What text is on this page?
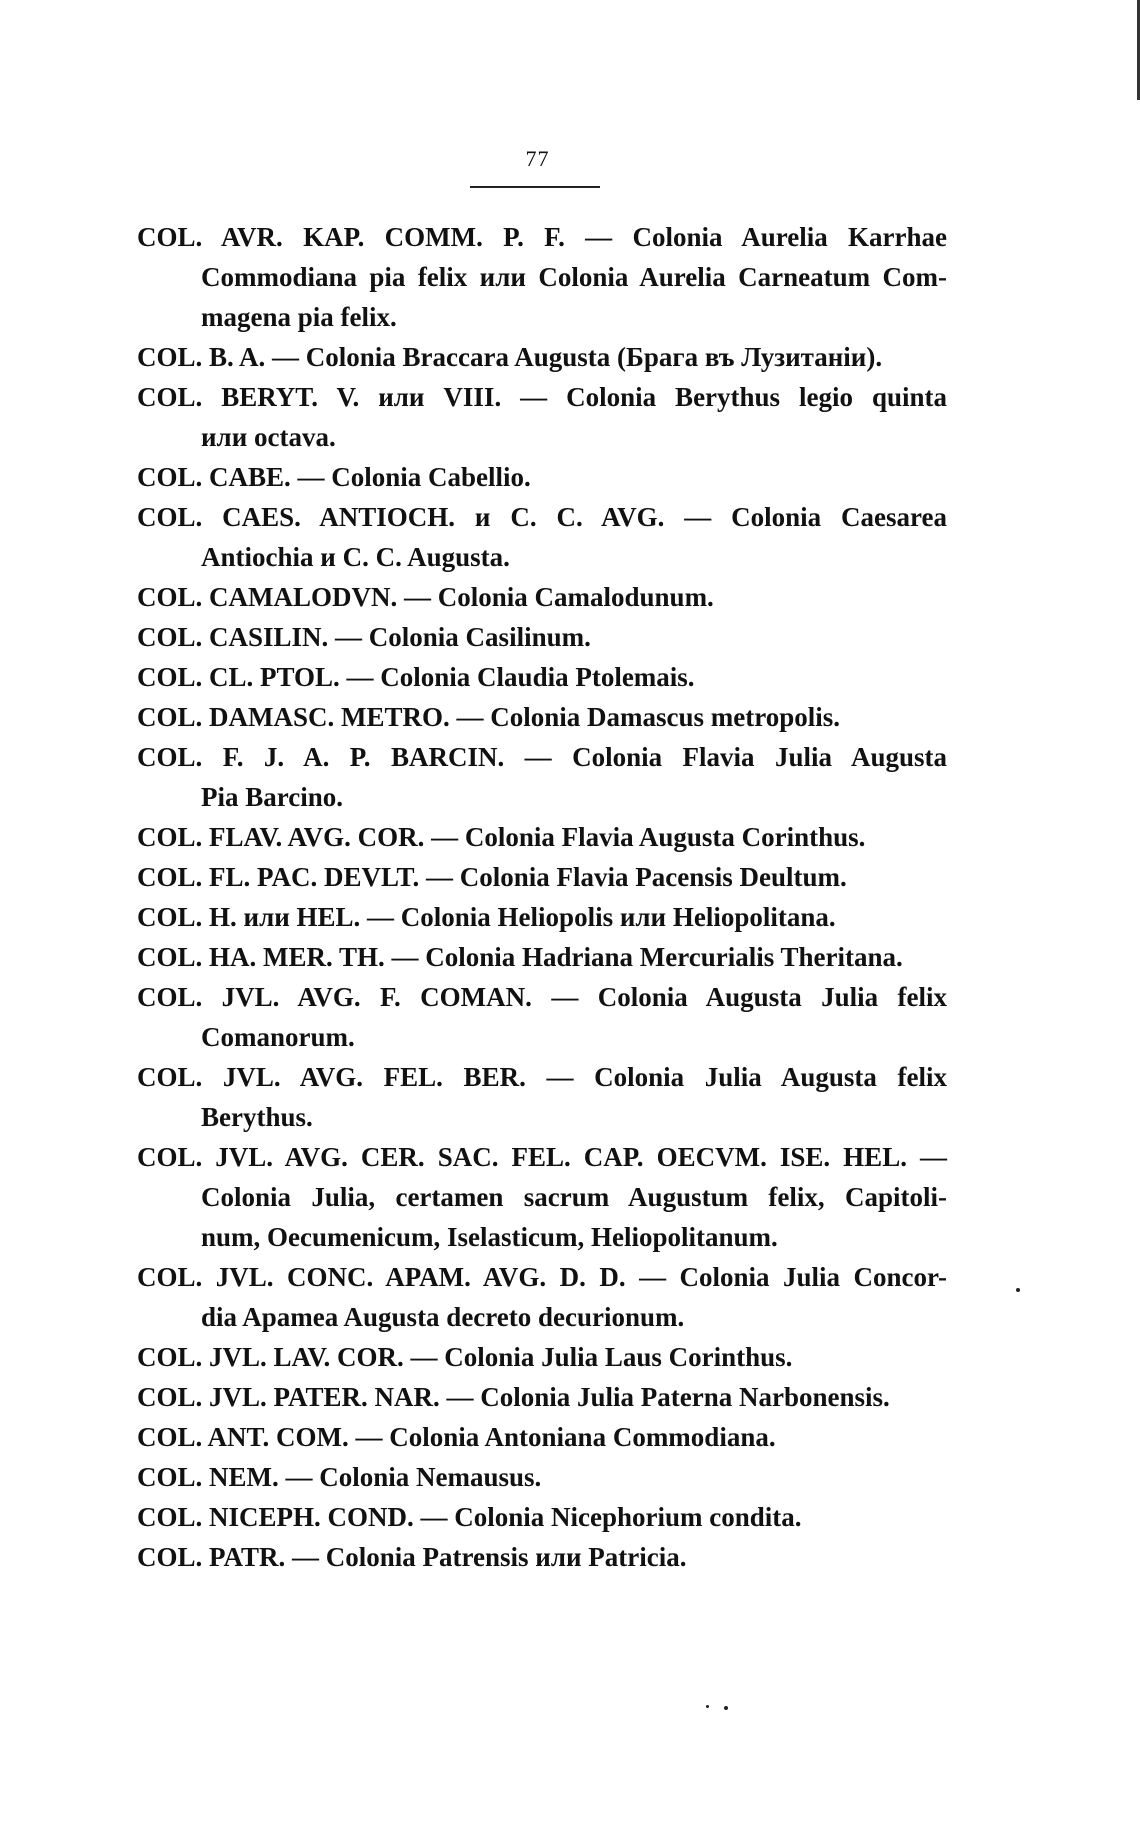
77
COL. AVR. KAP. COMM. P. F. — Colonia Aurelia Karrhae
Commodiana pia felix или Colonia Aurelia Carneatum Com-
magena pia felix.
COL. B. A. — Colonia Braccara Augusta (Брага въ Лузитаніи).
COL. BERYT. V. или VIII. — Colonia Berythus legio quinta
или octava.
COL. CABE. — Colonia Cabellio.
COL. CAES. ANTIOCH. и C. C. AVG. — Colonia Caesarea
Antiochia и C. C. Augusta.
COL. CAMALODVN. — Colonia Camalodunum.
COL. CASILIN. — Colonia Casilinum.
COL. CL. PTOL. — Colonia Claudia Ptolemais.
COL. DAMASC. METRO. — Colonia Damascus metropolis.
COL. F. J. A. P. BARCIN. — Colonia Flavia Julia Augusta
Pia Barcino.
COL. FLAV. AVG. COR. — Colonia Flavia Augusta Corinthus.
COL. FL. PAC. DEVLT. — Colonia Flavia Pacensis Deultum.
COL. H. или HEL. — Colonia Heliopolis или Heliopolitana.
COL. HA. MER. TH. — Colonia Hadriana Mercurialis Theritana.
COL. JVL. AVG. F. COMAN. — Colonia Augusta Julia felix
Comanorum.
COL. JVL. AVG. FEL. BER. — Colonia Julia Augusta felix
Berythus.
COL. JVL. AVG. CER. SAC. FEL. CAP. OECVM. ISE. HEL. —
Colonia Julia, certamen sacrum Augustum felix, Capitoli-
num, Oecumenicum, Iselasticum, Heliopolitanum.
COL. JVL. CONC. APAM. AVG. D. D. — Colonia Julia Concor-
dia Apamea Augusta decreto decurionum.
COL. JVL. LAV. COR. — Colonia Julia Laus Corinthus.
COL. JVL. PATER. NAR. — Colonia Julia Paterna Narbonensis.
COL. ANT. COM. — Colonia Antoniana Commodiana.
COL. NEM. — Colonia Nemausus.
COL. NICEPH. COND. — Colonia Nicephorium condita.
COL. PATR. — Colonia Patrensis или Patricia.
